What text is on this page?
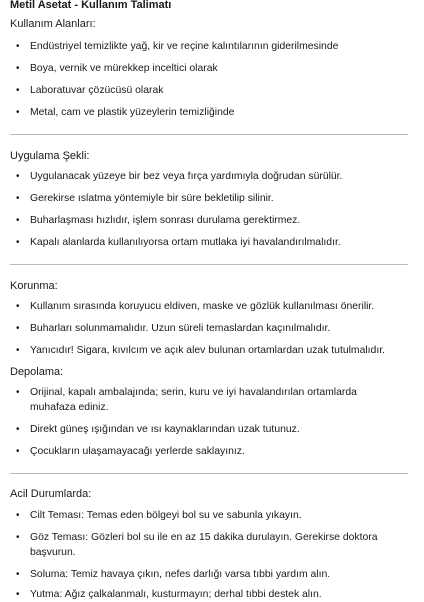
Metil Asetat - Kullanım Talimatı
Kullanım Alanları:
• Endüstriyel temizlikte yağ, kir ve reçine kalıntılarının giderilmesinde
• Boya, vernik ve mürekkep inceltici olarak
• Laboratuvar çözücüsü olarak
• Metal, cam ve plastik yüzeylerin temizliğinde
Uygulama Şekli:
• Uygulanacak yüzeye bir bez veya fırça yardımıyla doğrudan sürülür.
• Gerekirse ıslatma yöntemiyle bir süre bekletilip silinir.
• Buharlaşması hızlıdır, işlem sonrası durulama gerektirmez.
• Kapalı alanlarda kullanılıyorsa ortam mutlaka iyi havalandırılmalıdır.
Korunma:
• Kullanım sırasında koruyucu eldiven, maske ve gözlük kullanılması önerilir.
• Buharları solunmamalıdır. Uzun süreli temaslardan kaçınılmalıdır.
• Yanıcıdır! Sigara, kıvılcım ve açık alev bulunan ortamlardan uzak tutulmalıdır.
Depolama:
• Orijinal, kapalı ambalajında; serin, kuru ve iyi havalandırılan ortamlarda muhafaza ediniz.
• Direkt güneş ışığından ve ısı kaynaklarından uzak tutunuz.
• Çocukların ulaşamayacağı yerlerde saklayınız.
Acil Durumlarda:
• Cilt Teması: Temas eden bölgeyi bol su ve sabunla yıkayın.
• Göz Teması: Gözleri bol su ile en az 15 dakika durulayın. Gerekirse doktora başvurun.
• Soluma: Temiz havaya çıkın, nefes darlığı varsa tıbbi yardım alın.
• Yutma: Ağız çalkalanmalı, kusturmayın; derhal tıbbi destek alın.
